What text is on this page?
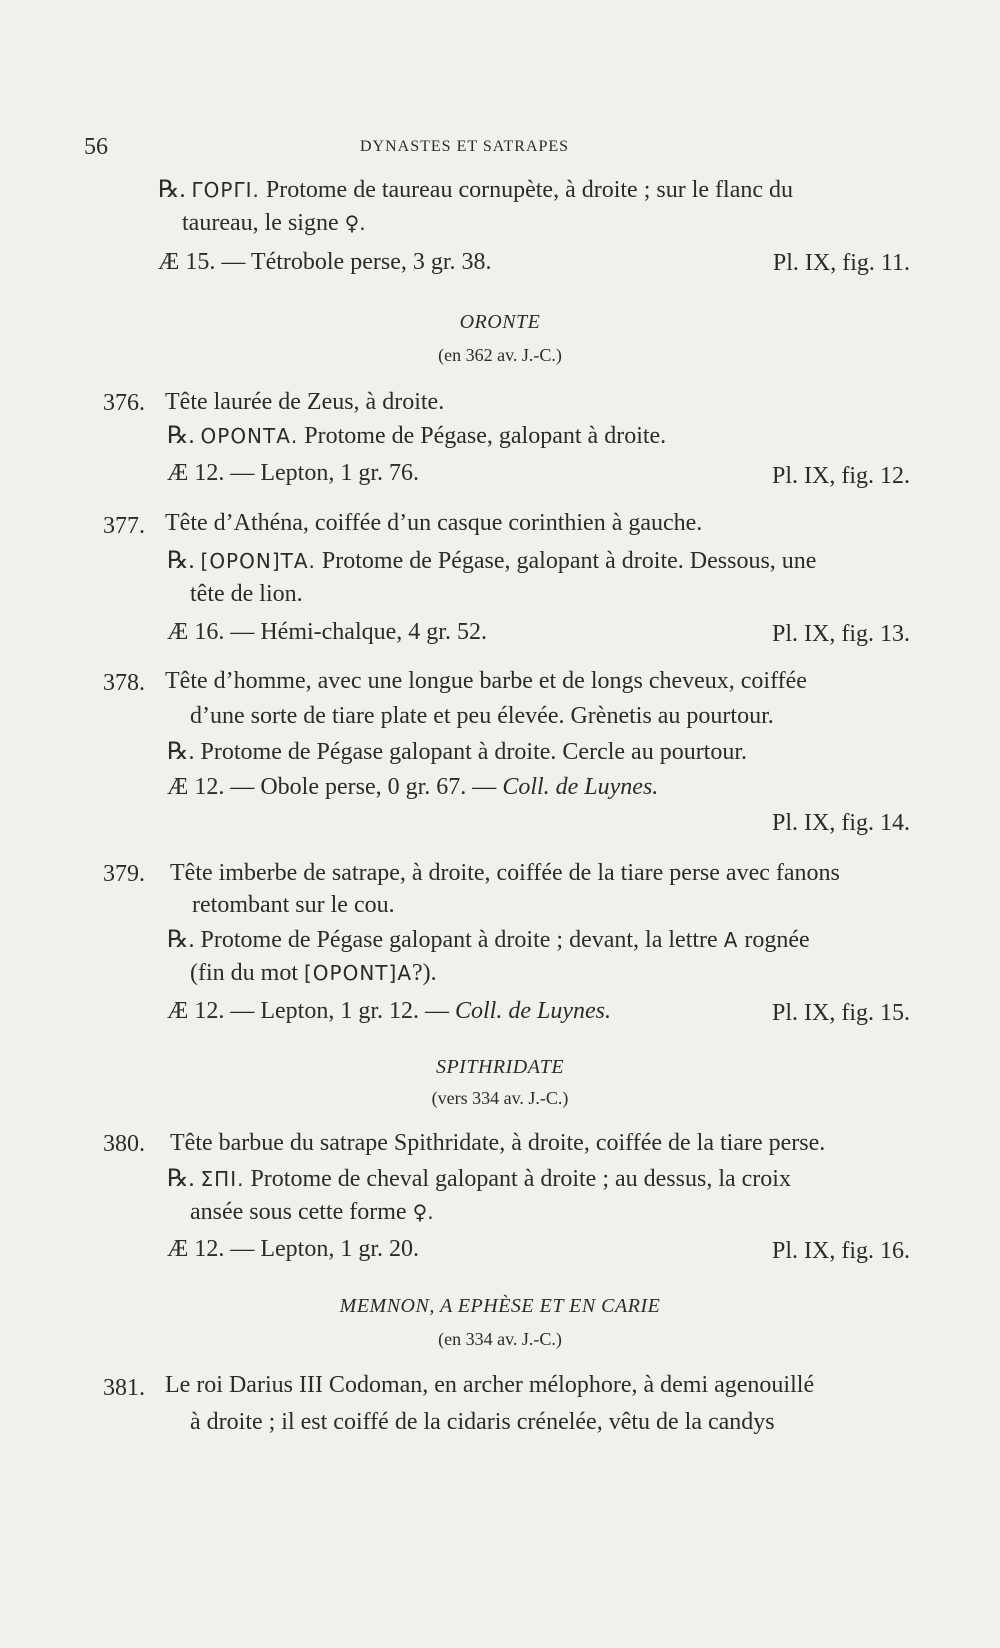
56	DYNASTES ET SATRAPES
℞. ΓΟΡΓΙ. Protome de taureau cornupète, à droite ; sur le flanc du
taureau, le signe ♀.
Æ 15. — Tétrobole perse, 3 gr. 38.	Pl. IX, fig. 11.
ORONTE
(en 362 av. J.-C.)
376. Tête laurée de Zeus, à droite.
℞. ΟΡΟΝΤΑ. Protome de Pégase, galopant à droite.
Æ 12. — Lepton, 1 gr. 76.	Pl. IX, fig. 12.
377. Tête d’Athéna, coiffée d’un casque corinthien à gauche.
℞. [ΟΡΟΝ]ΤΑ. Protome de Pégase, galopant à droite. Dessous, une
tête de lion.
Æ 16. — Hémi-chalque, 4 gr. 52.	Pl. IX, fig. 13.
378. Tête d’homme, avec une longue barbe et de longs cheveux, coiffée
d’une sorte de tiare plate et peu élevée. Grènetis au pourtour.
℞. Protome de Pégase galopant à droite. Cercle au pourtour.
Æ 12. — Obole perse, 0 gr. 67. — Coll. de Luynes.
Pl. IX, fig. 14.
379. Tête imberbe de satrape, à droite, coiffée de la tiare perse avec fanons
retombant sur le cou.
℞. Protome de Pégase galopant à droite ; devant, la lettre Α rognée
(fin du mot [ΟΡΟΝΤ]Α?).
Æ 12. — Lepton, 1 gr. 12. — Coll. de Luynes.	Pl. IX, fig. 15.
SPITHRIDATE
(vers 334 av. J.-C.)
380. Tête barbue du satrape Spithridate, à droite, coiffée de la tiare perse.
℞. ΣΠΙ. Protome de cheval galopant à droite ; au dessus, la croix
ansée sous cette forme ♀.
Æ 12. — Lepton, 1 gr. 20.	Pl. IX, fig. 16.
MEMNON, A EPHÈSE ET EN CARIE
(en 334 av. J.-C.)
381. Le roi Darius III Codoman, en archer mélophore, à demi agenouillé
à droite ; il est coiffé de la cidaris crénelée, vêtu de la candys
